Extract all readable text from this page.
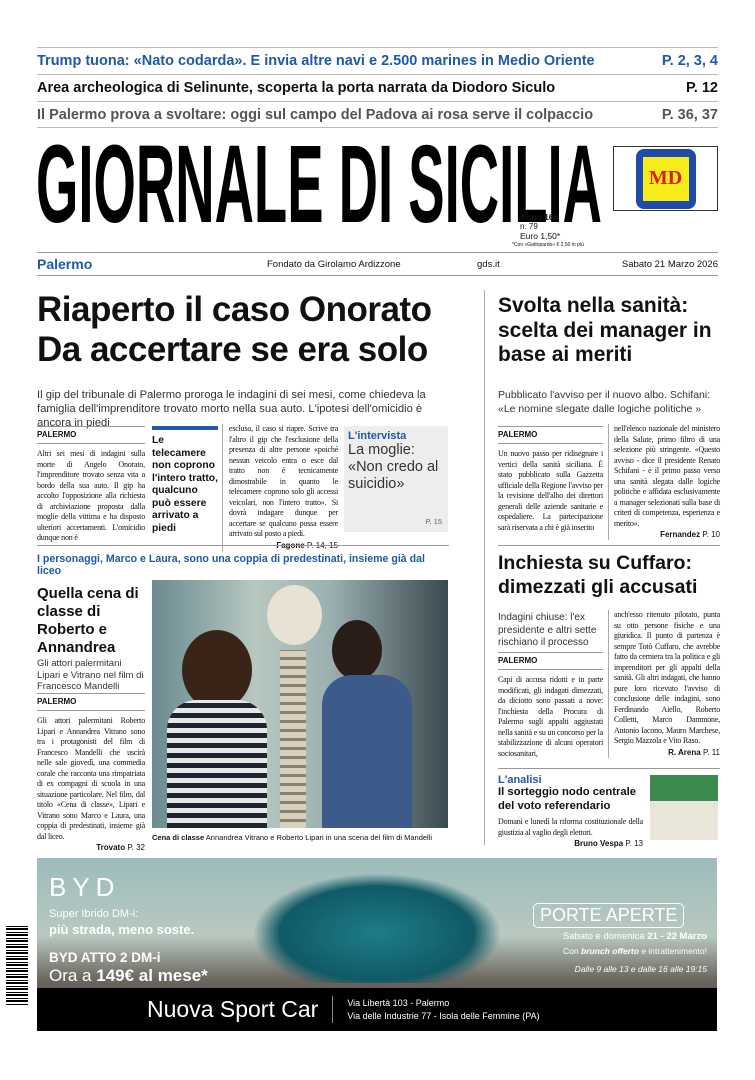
Trump tuona: «Nato codarda». E invia altre navi e 2.500 marines in Medio Oriente	P. 2, 3, 4
Area archeologica di Selinunte, scoperta la porta narrata da Diodoro Siculo	P. 12
Il Palermo prova a svoltare: oggi sul campo del Padova ai rosa serve il colpaccio	P. 36, 37
GIORNALE DI SICILIA
Anno 166
n. 79
Euro 1,50*
*Con «Gattopardo» € 2,50 in più
MD
Palermo	Fondato da Girolamo Ardizzone	gds.it	Sabato 21 Marzo 2026
Riaperto il caso Onorato
Da accertare se era solo
Il gip del tribunale di Palermo proroga le indagini di sei mesi, come chiedeva la famiglia dell'imprenditore trovato morto nella sua auto. L'ipotesi dell'omicidio è ancora in piedi
PALERMO
Altri sei mesi di indagini sulla morte di Angelo Onorato, l'imprenditore trovato senza vita a bordo della sua auto. Il gip ha accolto l'opposizione alla richiesta di archiviazione proposta dalla moglie della vittima e ha disposto ulteriori accertamenti. L'omicidio dunque non è
Le telecamere non coprono l'intero tratto, qualcuno può essere arrivato a piedi
escluso, il caso si riapre. Scrive tra l'altro il gip che l'esclusione della presenza di altre persone «poiché nessun veicolo entra o esce dal tratto non è tecnicamente dimostrabile in quanto le telecamere coprono solo gli accessi veicolari, non l'intero tratto». Si dovrà indagare dunque per accertare se qualcuno possa essere arrivato sul posto a piedi.
Fagone P. 14, 15
L'intervista
La moglie: «Non credo al suicidio»
P. 15
I personaggi, Marco e Laura, sono una coppia di predestinati, insieme già dal liceo
Quella cena di classe di Roberto e Annandrea
Gli attori palermitani Lipari e Vitrano nel film di Francesco Mandelli
PALERMO
Gli attori palermitani Roberto Lipari e Annandrea Vitrano sono tra i protagonisti del film di Francesco Mandelli che uscirà nelle sale giovedì, una commedia corale che racconta una rimpatriata di ex compagni di scuola in una situazione particolare. Nel film, dal titolo «Cena di classe», Lipari e Vitrano sono Marco e Laura, una coppia di predestinati, insieme già dal liceo.
Trovato P. 32
Cena di classe Annandrea Vitrano e Roberto Lipari in una scena del film di Mandelli
Svolta nella sanità: scelta dei manager in base ai meriti
Pubblicato l'avviso per il nuovo albo. Schifani: «Le nomine slegate dalle logiche politiche »
PALERMO
Un nuovo passo per ridisegnare i vertici della sanità siciliana. È stato pubblicato sulla Gazzetta ufficiale della Regione l'avviso per la revisione dell'albo dei direttori generali delle aziende sanitarie e ospedaliere. La partecipazione sarà riservata a chi è già inserito
nell'elenco nazionale del ministero della Salute, primo filtro di una selezione più stringente. «Questo avviso - dice il presidente Renato Schifani - è il primo passo verso una sanità slegata dalle logiche politiche e affidata esclusivamente a manager selezionati sulla base di criteri di competenza, esperienza e merito».
Fernandez P. 10
Inchiesta su Cuffaro: dimezzati gli accusati
Indagini chiuse: l'ex presidente e altri sette rischiano il processo
PALERMO
Capi di accusa ridotti e in parte modificati, gli indagati dimezzati, da diciotto sono passati a nove: l'inchiesta della Procura di Palermo sugli appalti aggiustati nella sanità e su un concorso per la stabilizzazione di alcuni operatori sociosanitari,
anch'esso ritenuto pilotato, punta su otto persone fisiche e una giuridica. Il punto di partenza è sempre Totò Cuffaro, che avrebbe fatto da cerniera tra la politica e gli imprenditori per gli appalti della sanità. Gli altri indagati, che hanno pure loro ricevuto l'avviso di conclusione delle indagini, sono Ferdinando Aiello, Roberto Colletti, Marco Dammone, Antonio Iacono, Mauro Marchese, Sergio Mazzola e Vito Raso.
R. Arena P. 11
L'analisi
Il sorteggio nodo centrale del voto referendario
Domani e lunedì la riforma costituzionale della giustizia al vaglio degli elettori.
Bruno Vespa P. 13
BYD
Super Ibrido DM-i:
più strada, meno soste.
BYD ATTO 2 DM-i
Ora a 149€ al mese*
PORTE APERTE
Sabato e domenica 21 - 22 Marzo
Con brunch offerto e intrattenimento!
Dalle 9 alle 13 e dalle 16 alle 19:15
Nuova Sport Car	Via Libertà 103 - Palermo
Via delle Industrie 77 - Isola delle Femmine (PA)
